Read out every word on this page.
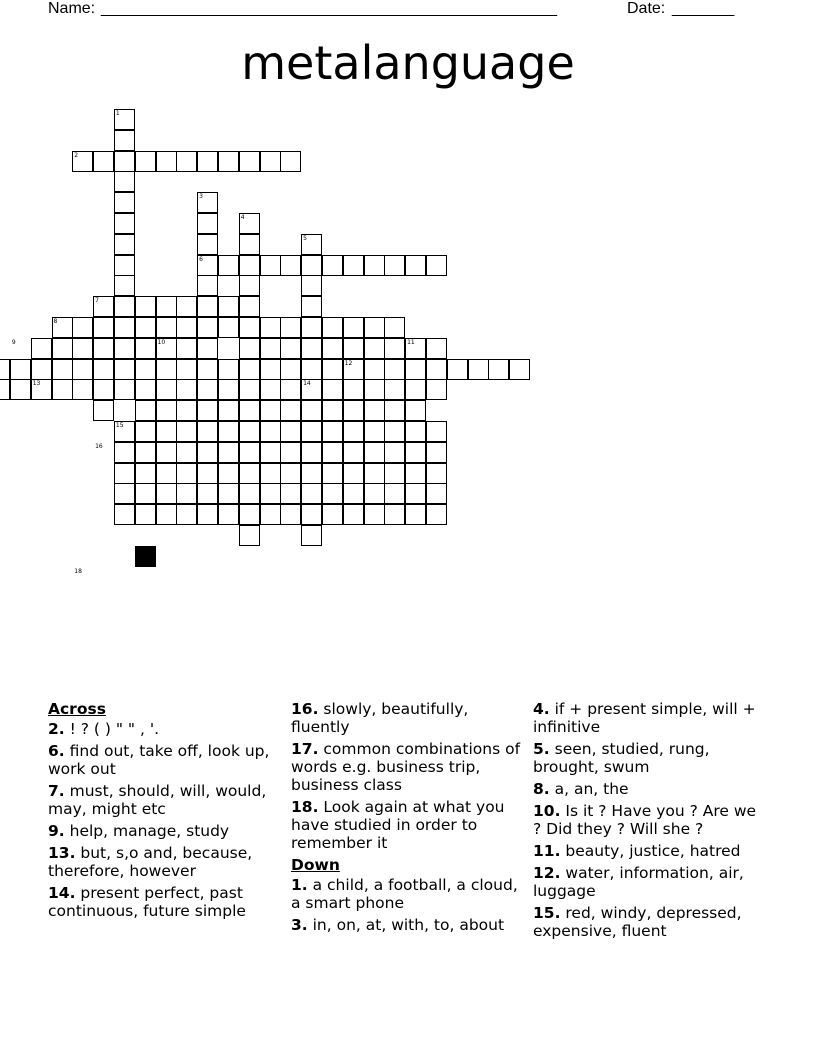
Name: _____________________________________________________	Date: _______
metalanguage
1
2
3
4
5
6
7
8
9	10	11
12
13	14
15
16
18
Across
2. ! ? ( ) " " , '.
6. find out, take off, look up, work out
7. must, should, will, would, may, might etc
9. help, manage, study
13. but, s,o and, because, therefore, however
14. present perfect, past continuous, future simple
16. slowly, beautifully, fluently
17. common combinations of words e.g. business trip, business class
18. Look again at what you have studied in order to remember it
Down
1. a child, a football, a cloud, a smart phone
3. in, on, at, with, to, about
4. if + present simple, will + infinitive
5. seen, studied, rung, brought, swum
8. a, an, the
10. Is it ? Have you ? Are we ? Did they ? Will she ?
11. beauty, justice, hatred
12. water, information, air, luggage
15. red, windy, depressed, expensive, fluent
